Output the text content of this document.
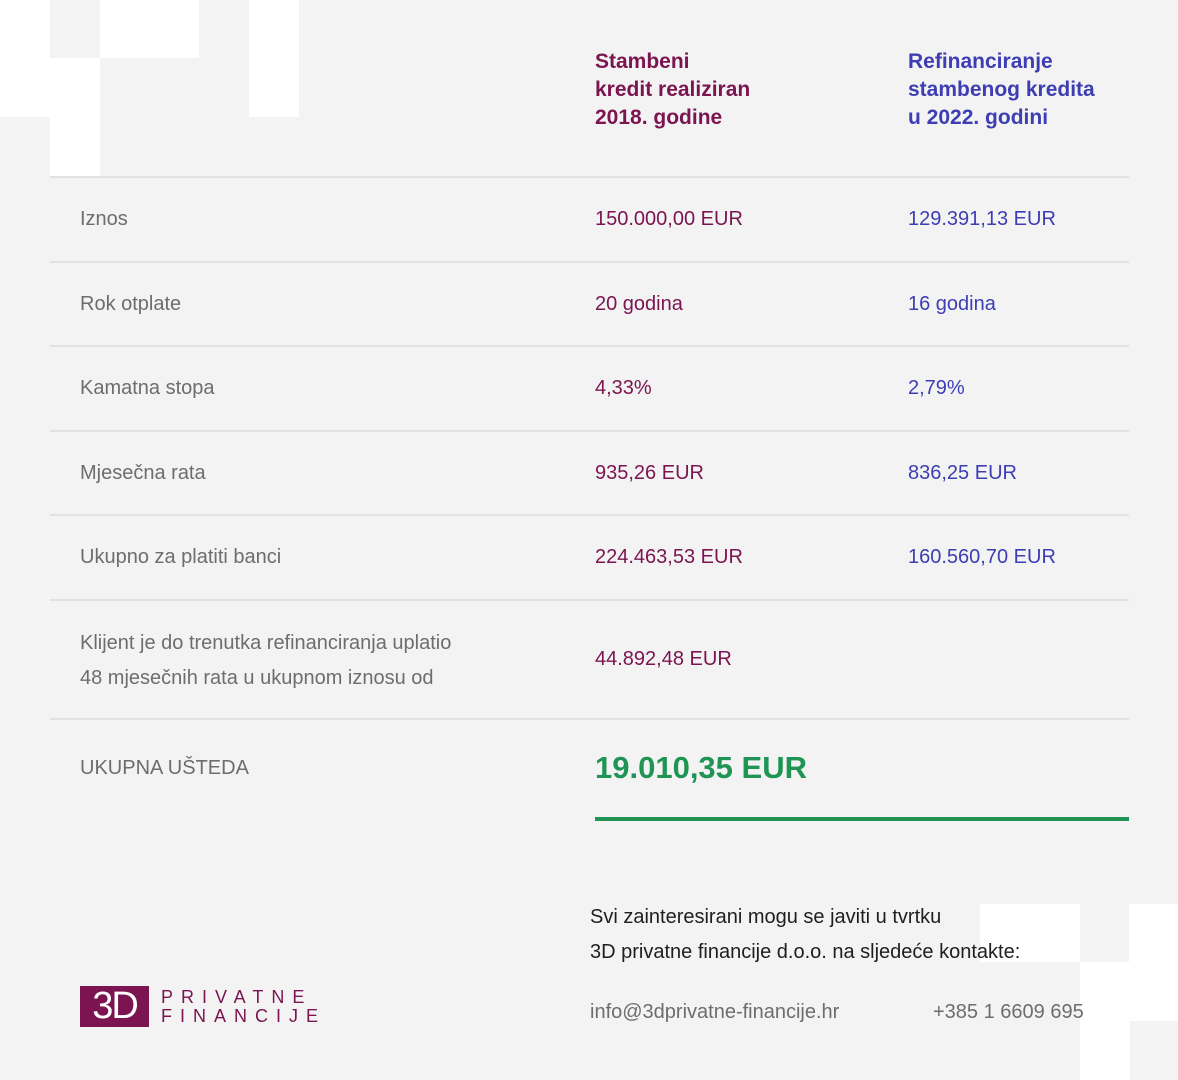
Stambeni
kredit realiziran
2018. godine
Refinanciranje
stambenog kredita
u 2022. godini
Iznos	150.000,00 EUR	129.391,13 EUR
Rok otplate	20 godina	16 godina
Kamatna stopa	4,33%	2,79%
Mjesečna rata	935,26 EUR	836,25 EUR
Ukupno za platiti banci	224.463,53 EUR	160.560,70 EUR
Klijent je do trenutka refinanciranja uplatio
48 mjesečnih rata u ukupnom iznosu od
44.892,48 EUR
UKUPNA UŠTEDA	19.010,35 EUR
Svi zainteresirani mogu se javiti u tvrtku
3D privatne financije d.o.o. na sljedeće kontakte:
info@3dprivatne-financije.hr	+385 1 6609 695
3D	PRIVATNE
FINANCIJE
